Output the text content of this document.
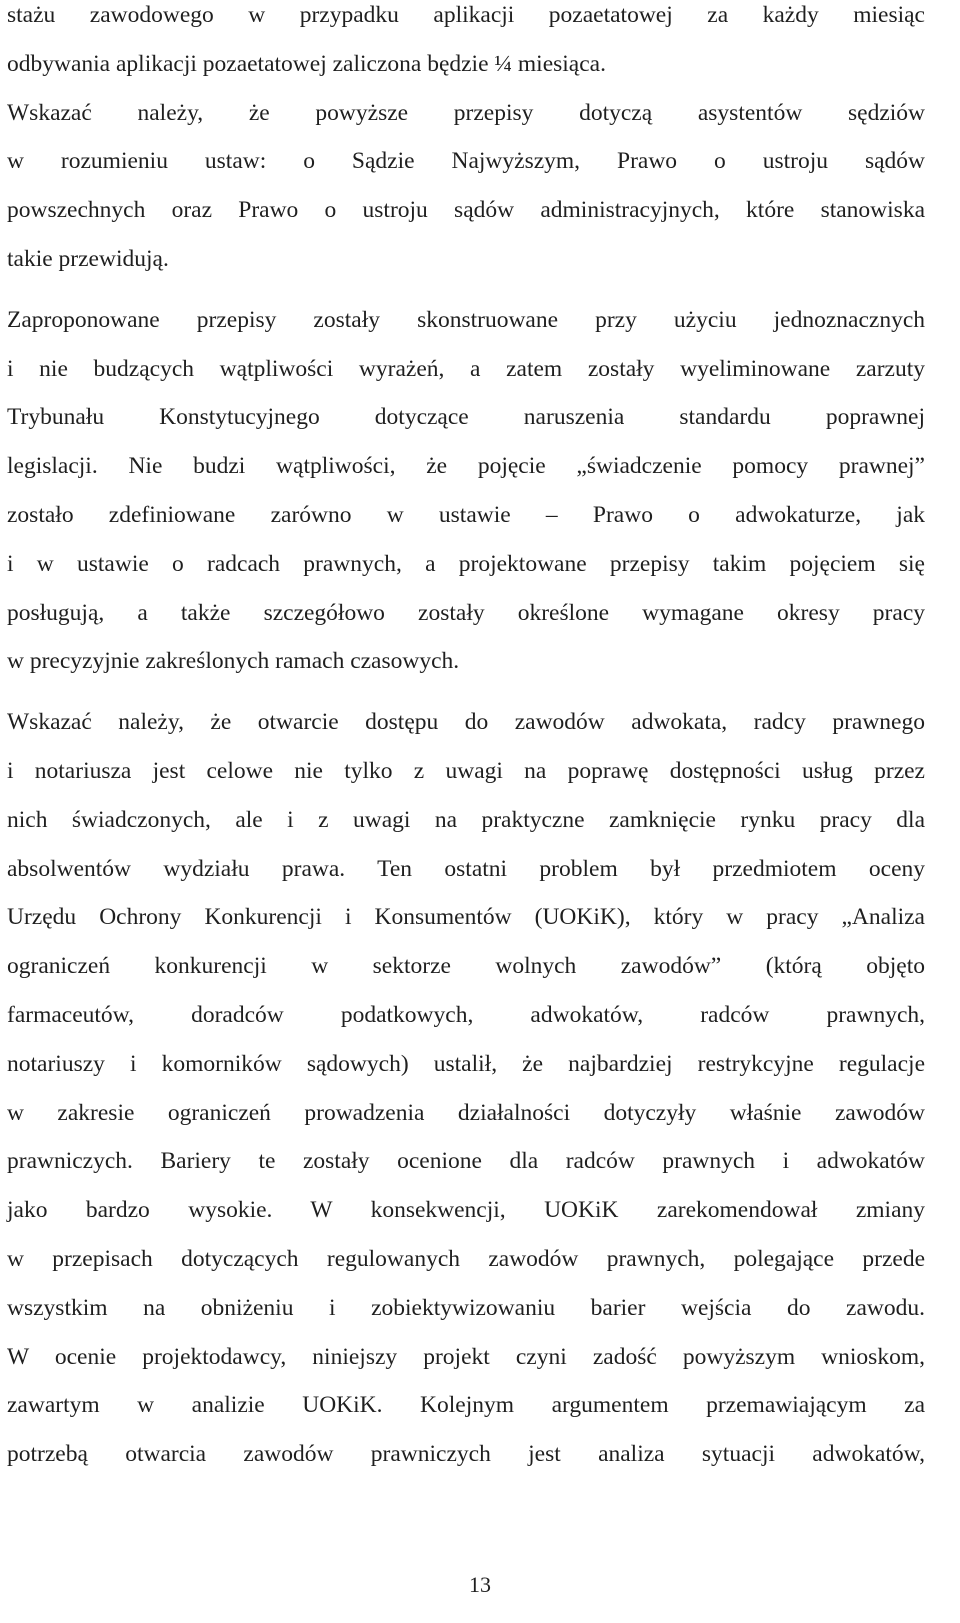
stażu zawodowego w przypadku aplikacji pozaetatowej za każdy miesiąc
odbywania aplikacji pozaetatowej zaliczona będzie ¼ miesiąca.
Wskazać należy, że powyższe przepisy dotyczą asystentów sędziów
w rozumieniu ustaw: o Sądzie Najwyższym, Prawo o ustroju sądów
powszechnych oraz Prawo o ustroju sądów administracyjnych, które stanowiska
takie przewidują.
Zaproponowane przepisy zostały skonstruowane przy użyciu jednoznacznych
i nie budzących wątpliwości wyrażeń, a zatem zostały wyeliminowane zarzuty
Trybunału Konstytucyjnego dotyczące naruszenia standardu poprawnej
legislacji. Nie budzi wątpliwości, że pojęcie „świadczenie pomocy prawnej”
zostało zdefiniowane zarówno w ustawie – Prawo o adwokaturze, jak
i w ustawie o radcach prawnych, a projektowane przepisy takim pojęciem się
posługują, a także szczegółowo zostały określone wymagane okresy pracy
w precyzyjnie zakreślonych ramach czasowych.
Wskazać należy, że otwarcie dostępu do zawodów adwokata, radcy prawnego
i notariusza jest celowe nie tylko z uwagi na poprawę dostępności usług przez
nich świadczonych, ale i z uwagi na praktyczne zamknięcie rynku pracy dla
absolwentów wydziału prawa. Ten ostatni problem był przedmiotem oceny
Urzędu Ochrony Konkurencji i Konsumentów (UOKiK), który w pracy „Analiza
ograniczeń konkurencji w sektorze wolnych zawodów” (którą objęto
farmaceutów, doradców podatkowych, adwokatów, radców prawnych,
notariuszy i komorników sądowych) ustalił, że najbardziej restrykcyjne regulacje
w zakresie ograniczeń prowadzenia działalności dotyczyły właśnie zawodów
prawniczych. Bariery te zostały ocenione dla radców prawnych i adwokatów
jako bardzo wysokie. W konsekwencji, UOKiK zarekomendował zmiany
w przepisach dotyczących regulowanych zawodów prawnych, polegające przede
wszystkim na obniżeniu i zobiektywizowaniu barier wejścia do zawodu.
W ocenie projektodawcy, niniejszy projekt czyni zadość powyższym wnioskom,
zawartym w analizie UOKiK. Kolejnym argumentem przemawiającym za
potrzebą otwarcia zawodów prawniczych jest analiza sytuacji adwokatów,
13
